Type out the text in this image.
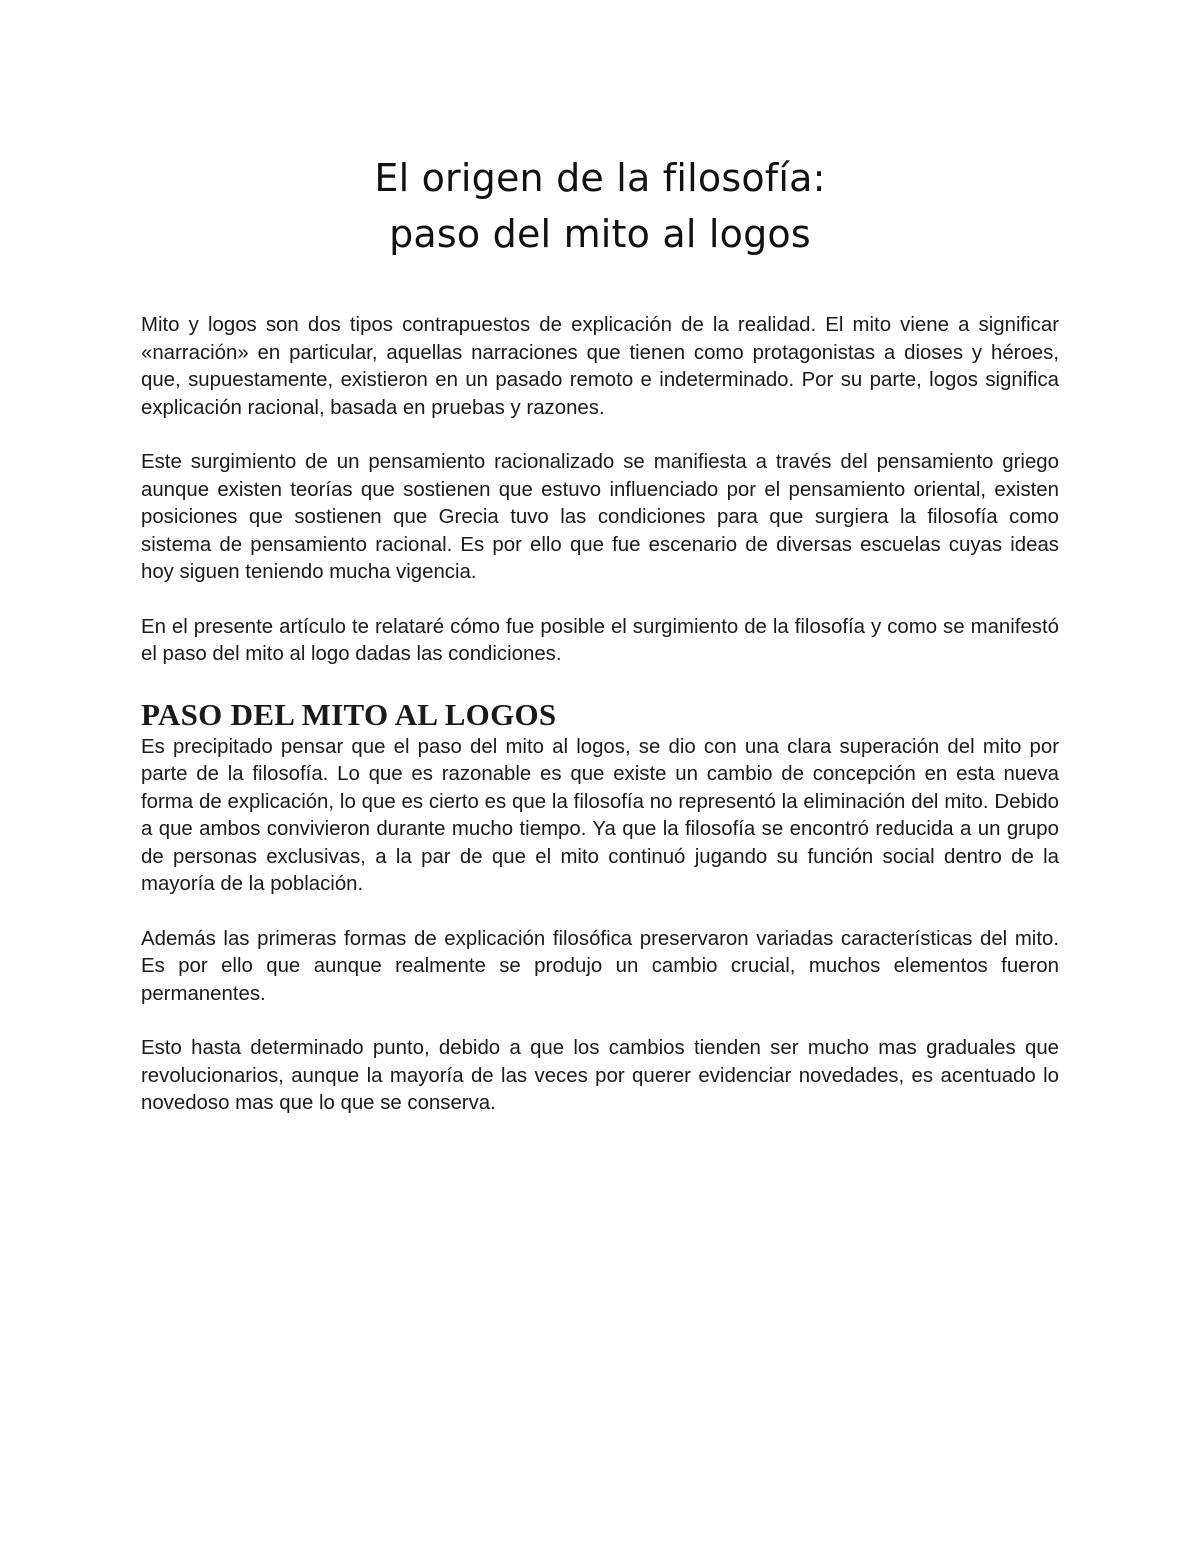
El origen de la filosofía:
paso del mito al logos

Mito y logos son dos tipos contrapuestos de explicación de la realidad. El mito viene a significar «narración» en particular, aquellas narraciones que tienen como protagonistas a dioses y héroes, que, supuestamente, existieron en un pasado remoto e indeterminado. Por su parte, logos significa explicación racional, basada en pruebas y razones.

Este surgimiento de un pensamiento racionalizado se manifiesta a través del pensamiento griego aunque existen teorías que sostienen que estuvo influenciado por el pensamiento oriental, existen posiciones que sostienen que Grecia tuvo las condiciones para que surgiera la filosofía como sistema de pensamiento racional. Es por ello que fue escenario de diversas escuelas cuyas ideas hoy siguen teniendo mucha vigencia.

En el presente artículo te relataré cómo fue posible el surgimiento de la filosofía y como se manifestó el paso del mito al logo dadas las condiciones.

PASO DEL MITO AL LOGOS

Es precipitado pensar que el paso del mito al logos, se dio con una clara superación del mito por parte de la filosofía. Lo que es razonable es que existe un cambio de concepción en esta nueva forma de explicación, lo que es cierto es que la filosofía no representó la eliminación del mito. Debido a que ambos convivieron durante mucho tiempo. Ya que la filosofía se encontró reducida a un grupo de personas exclusivas, a la par de que el mito continuó jugando su función social dentro de la mayoría de la población.

Además las primeras formas de explicación filosófica preservaron variadas características del mito. Es por ello que aunque realmente se produjo un cambio crucial, muchos elementos fueron permanentes.

Esto hasta determinado punto, debido a que los cambios tienden ser mucho mas graduales que revolucionarios, aunque la mayoría de las veces por querer evidenciar novedades, es acentuado lo novedoso mas que lo que se conserva.
